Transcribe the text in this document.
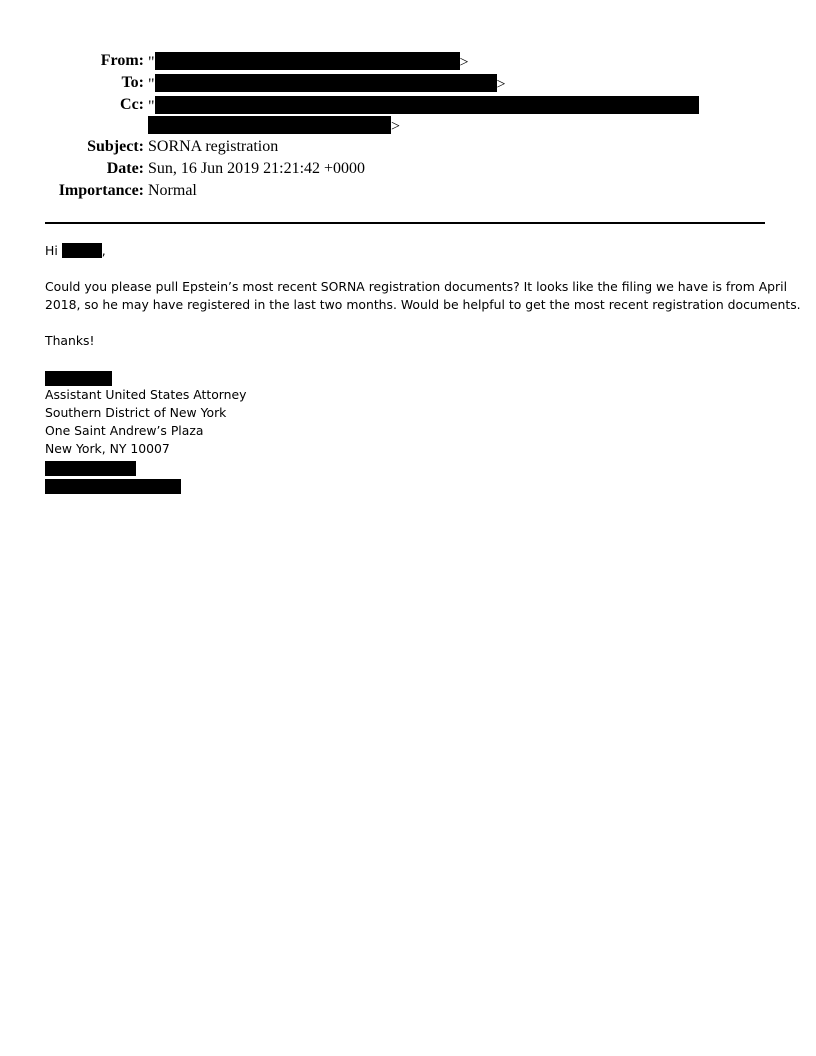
From: "	>
To: "	>
Cc: "
>
Subject: SORNA registration
Date: Sun, 16 Jun 2019 21:21:42 +0000
Importance: Normal
Hi	,
Could you please pull Epstein’s most recent SORNA registration documents? It looks like the filing we have is from April
2018, so he may have registered in the last two months. Would be helpful to get the most recent registration documents.
Thanks!
Assistant United States Attorney
Southern District of New York
One Saint Andrew’s Plaza
New York, NY 10007
